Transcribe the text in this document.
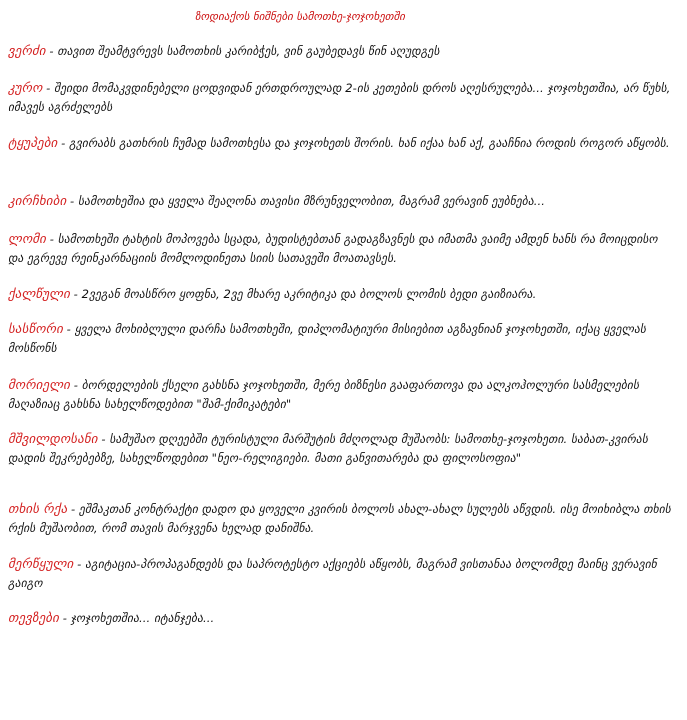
ზოდიაქოს ნიშნები სამოთხე-ჯოჯოხეთში
ვერძი - თავით შეამტვრევს სამოთხის კარიბჭეს, ვინ გაუბედავს წინ აღუდგეს
კურო - შეიდი მომაკვდინებელი ცოდვიდან ერთდროულად 2-ის კეთების დროს აღესრულება... ჯოჯოხეთშია, არ წუხს, იმავეს აგრძელებს
ტყუპები - გვირაბს გათხრის ჩუმად სამოთხესა და ჯოჯოხეთს შორის. ხან იქაა ხან აქ, გააჩნია როდის როგორ აწყობს.
კირჩხიბი - სამოთხეშია და ყველა შეაღონა თავისი მზრუნველობით, მაგრამ ვერავინ ეუბნება...
ლომი - სამოთხეში ტახტის მოპოვება სცადა, ბუდისტებთან გადაგზავნეს და იმათმა ვაიმე ამდენ ხანს რა მოიცდისო და ეგრევე რეინკარნაციის მომლოდინეთა სიის სათავეში მოათავსეს.
ქალწული - 2ვეგან მოასწრო ყოფნა, 2ვე მხარე აკრიტიკა და ბოლოს ლომის ბედი გაიზიარა.
სასწორი - ყველა მოხიბლული დარჩა სამოთხეში, დიპლომატიური მისიებით აგზავნიან ჯოჯოხეთში, იქაც ყველას მოსწონს
მორიელი - ბორდელების ქსელი გახსნა ჯოჯოხეთში, მერე ბიზნესი გააფართოვა და ალკოჰოლური სასმელების მაღაზიაც გახსნა სახელწოდებით "შამ-ქიმიკატები"
მშვილდოსანი - სამუშაო დღეებში ტურისტული მარშუტის მძღოლად მუშაობს: სამოთხე-ჯოჯოხეთი. საბათ-კვირას დადის შეკრებებზე, სახელწოდებით "ნეო-რელიგიები. მათი განვითარება და ფილოსოფია"
თხის რქა - ეშმაკთან კონტრაქტი დადო და ყოველი კვირის ბოლოს ახალ-ახალ სულებს აწვდის. ისე მოიხიბლა თხის რქის მუშაობით, რომ თავის მარჯვენა ხელად დანიშნა.
მერწყული - აგიტაცია-პროპაგანდებს და საპროტესტო აქციებს აწყობს, მაგრამ ვისთანაა ბოლომდე მაინც ვერავინ გაიგო
თევზები - ჯოჯოხეთშია... იტანჯება...
